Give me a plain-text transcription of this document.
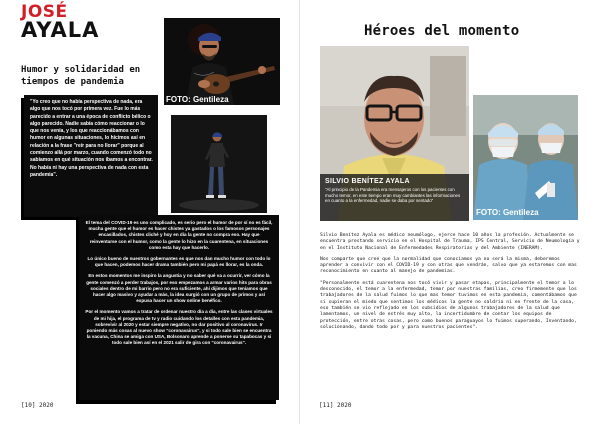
JOSÉ
AYALA
Humor y solidaridad en tiempos de pandemia
FOTO: Gentileza
"Yo creo que no había perspectiva de nada, era algo que nos tocó por primera vez. Fue lo más parecido a entrar a una época de conflicto bélico o algo parecido. Nadie sabía cómo reaccionar o lo que nos venía, y los que reaccionábamos con humor en algunas situaciones, lo hicimos así en relación a la frase "reír para no llorar" porque al comienzo allá por marzo, cuando comenzó todo no sabíamos en qué situación nos íbamos a encontrar. No había ni hay una perspectiva de nada con esta pandemia".

El tema del COVID-19 es uno complicado, es serio pero el humor de por sí no es fácil, mucha gente que el humor es hacer chistes ya gastados o los famosos personajes encasillados, chistes cliché y hoy en día la gente no compra eso. Hay que reinventarse con el humor, como la gente lo hizo en la cuarentena, en situaciones como esta hay que hacerlo.

Lo único bueno de nuestros gobernantes es que nos dan mucho humor con todo lo que hacen, podemos hacer drama también pero mi papá es llorar, es la onda.

En estos momentos me inspiro la angustia y no saber qué va a ocurrir, ver cómo la gente comenzó a perder trabajos, por eso empezamos a armar varios hits para obras sociales dentro de mi barrio pero no era suficiente, ahí dijimos que teníamos que hacer algo masivo y ayudar a más, la idea surgió con un grupo de primos y así expusa hacer un show online benéfico.

Por el momento vamos a tratar de ordenar nuestro día a día, entre las clases virtuales de mi hija, el programa de tv y radio cuidando los detalles con esta pandemia, sobrevivir al 2020 y estar siempre negativo, no dar positivo al coronavirus. Ir poniendo más cosas al nuevo show "coronavairus", y si todo sale bien se encuentra la vacuna, China se amiga con USA, Bolsonaro aprende a ponerse su tapabocas y si todo sale bien así en el 2021 salir de gira con "coronavairus".

[10] 2020
Héroes del momento
SILVIO BENÍTEZ AYALA
"Al principio de la Pandemia era mensajeros con los pacientes con mucho temor, en este tiempo eran muy cambiantes las informaciones en cuanto a la enfermedad, nadie se daba por sentado"
FOTO: Gentileza

Silvio Benítez Ayala es médico neumólogo, ejerce hace 10 años la profesión. Actualmente se encuentra prestando servicio en el Hospital de Trauma, IPS Central, Servicio de Neumología y en el Instituto Nacional de Enfermedades Respiratorias y del Ambiente (INERAM).

Nos comparte que cree que la normalidad que conocíamos ya no será la misma, deberemos aprender a convivir con el COVID-19 y con otras que vendrán, salvo que ya estaremos con mas reconocimiento en cuanto al manejo de pandemias.

"Personalmente está cuarentena nos tocó vivir y pasar etapas, principalmente el temor a lo desconocido, el temor a la enfermedad, temor por nuestras familias, creo firmemente que los trabajadores de la salud fuimos lo que mas temor tuvimos en esta pandemia, comentábamos que si supieran el miedo que sentimos los médicos la gente no saldría ni en frente de la casa, eso también se vio reflejado en los subsidios de algunos trabajadores de la salud que lamentamos, un nivel de estrés muy alto, la incertidumbre de contar los equipos de protección, entre otras cosas, pero como buenos paraguayos lo fuimos superando, Inventando, solucionando, dando todo por y para nuestros pacientes".

[11] 2020
